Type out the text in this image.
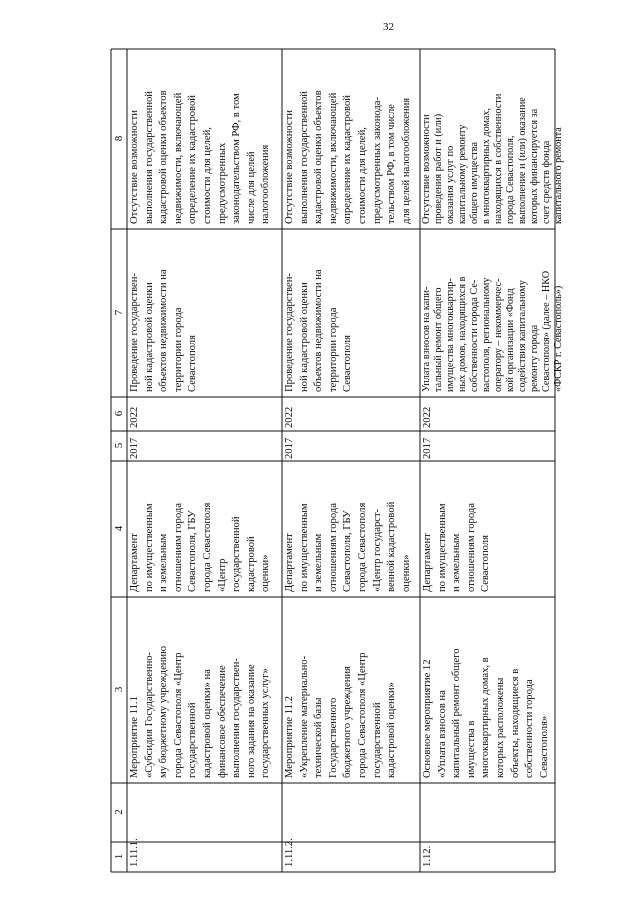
32
1
2
3
4
5
6
7
8
1.11.1.
Мероприятие 11.1
«Субсидия Государственно-
му бюджетному учреждению
города Севастополя «Центр
государственной
кадастровой оценки» на
финансовое обеспечение
выполнения государствен-
ного задания на оказание
государственных услуг»
Департамент
по имущественным
и земельным
отношениям города
Севастополя, ГБУ
города Севастополя
«Центр
государственной
кадастровой
оценки»
2017
2022
Проведение государствен-
ной кадастровой оценки
объектов недвижимости на
территории города
Севастополя
Отсутствие возможности
выполнения государственной
кадастровой оценки объектов
недвижимости, включающей
определение их кадастровой
стоимости для целей,
предусмотренных
законодательством РФ, в том
числе для целей
налогообложения
1.11.2.
Мероприятие 11.2
«Укрепление материально-
технической базы
Государственного
бюджетного учреждения
города Севастополя «Центр
государственной
кадастровой оценки»
Департамент
по имущественным
и земельным
отношениям города
Севастополя, ГБУ
города Севастополя
«Центр государст-
венной кадастровой
оценки»
2017
2022
Проведение государствен-
ной кадастровой оценки
объектов недвижимости на
территории города
Севастополя
Отсутствие возможности
выполнения государственной
кадастровой оценки объектов
недвижимости, включающей
определение их кадастровой
стоимости для целей,
предусмотренных законода-
тельством РФ, в том числе
для целей налогообложения
1.12.
Основное мероприятие 12
«Уплата взносов на
капитальный ремонт общего
имущества в
многоквартирных домах, в
которых расположены
объекты, находящиеся в
собственности города
Севастополя»
Департамент
по имущественным
и земельным
отношениям города
Севастополя
2017
2022
Уплата взносов на капи-
тальный ремонт общего
имущества многоквартир-
ных домов, находящихся в
собственности города Се-
вастополя, региональному
оператору – некоммерчес-
кой организации «Фонд
содействия капитальному
ремонту города
Севастополя» (далее – НКО
«ФСКР г. Севастополь»)
Отсутствие возможности
проведения работ и (или)
оказания услуг по
капитальному ремонту
общего имущества
в многоквартирных домах,
находящихся в собственности
города Севастополя,
выполнение и (или) оказание
которых финансируется за
счет средств фонда
капитального ремонта
